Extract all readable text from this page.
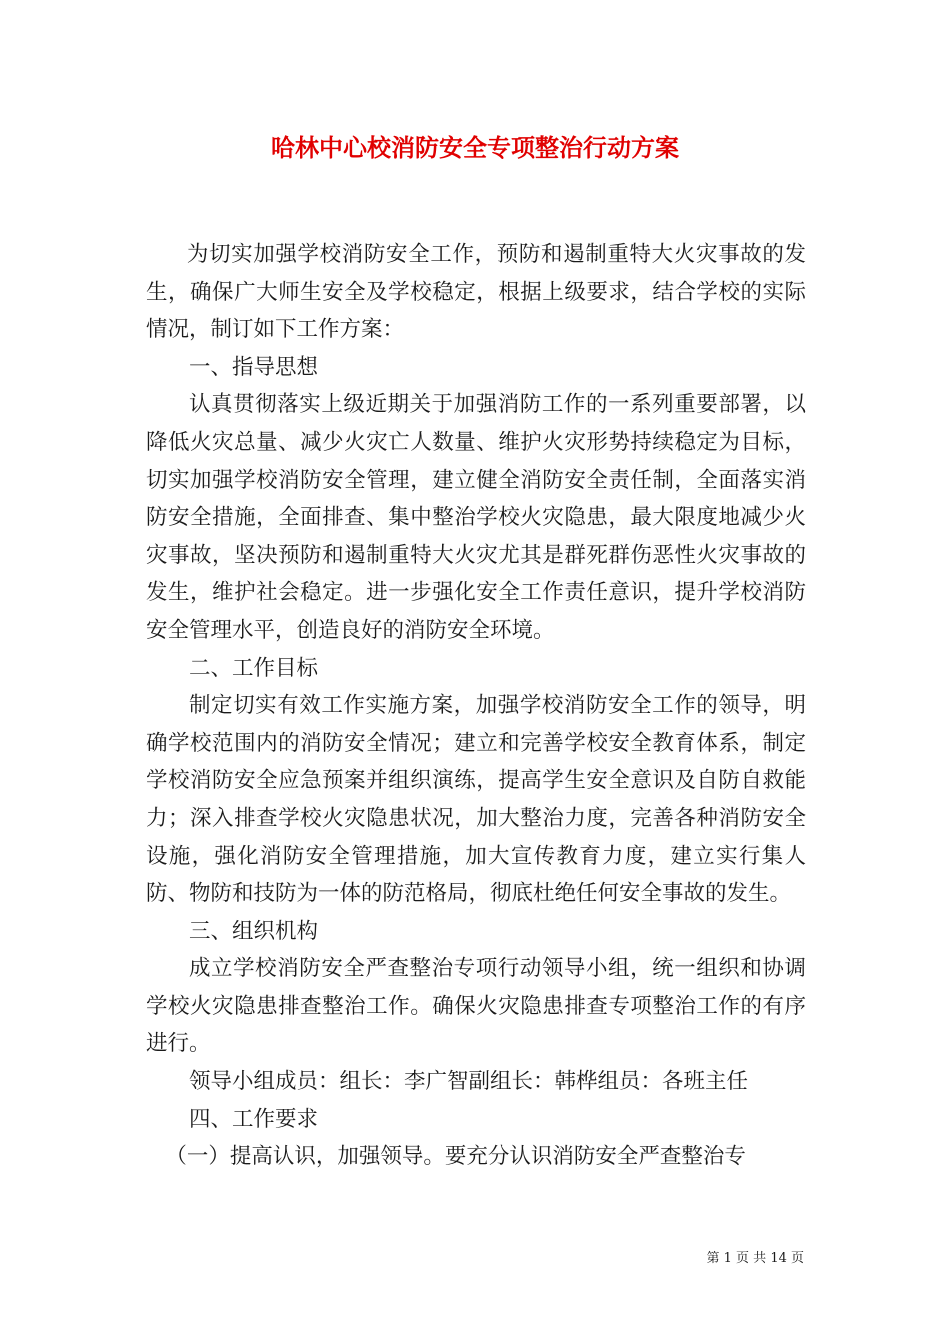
哈林中心校消防安全专项整治行动方案

为切实加强学校消防安全工作，预防和遏制重特大火灾事故的发生，确保广大师生安全及学校稳定，根据上级要求，结合学校的实际情况，制订如下工作方案：

一、指导思想

认真贯彻落实上级近期关于加强消防工作的一系列重要部署，以降低火灾总量、减少火灾亡人数量、维护火灾形势持续稳定为目标，切实加强学校消防安全管理，建立健全消防安全责任制，全面落实消防安全措施，全面排查、集中整治学校火灾隐患，最大限度地减少火灾事故，坚决预防和遏制重特大火灾尤其是群死群伤恶性火灾事故的发生，维护社会稳定。进一步强化安全工作责任意识，提升学校消防安全管理水平，创造良好的消防安全环境。

二、工作目标

制定切实有效工作实施方案，加强学校消防安全工作的领导，明确学校范围内的消防安全情况；建立和完善学校安全教育体系，制定学校消防安全应急预案并组织演练，提高学生安全意识及自防自救能力；深入排查学校火灾隐患状况，加大整治力度，完善各种消防安全设施，强化消防安全管理措施，加大宣传教育力度，建立实行集人防、物防和技防为一体的防范格局，彻底杜绝任何安全事故的发生。

三、组织机构

成立学校消防安全严查整治专项行动领导小组，统一组织和协调学校火灾隐患排查整治工作。确保火灾隐患排查专项整治工作的有序进行。

领导小组成员：组长：李广智副组长：韩桦组员：各班主任

四、工作要求

（一）提高认识，加强领导。要充分认识消防安全严查整治专

第 1 页 共 14 页
